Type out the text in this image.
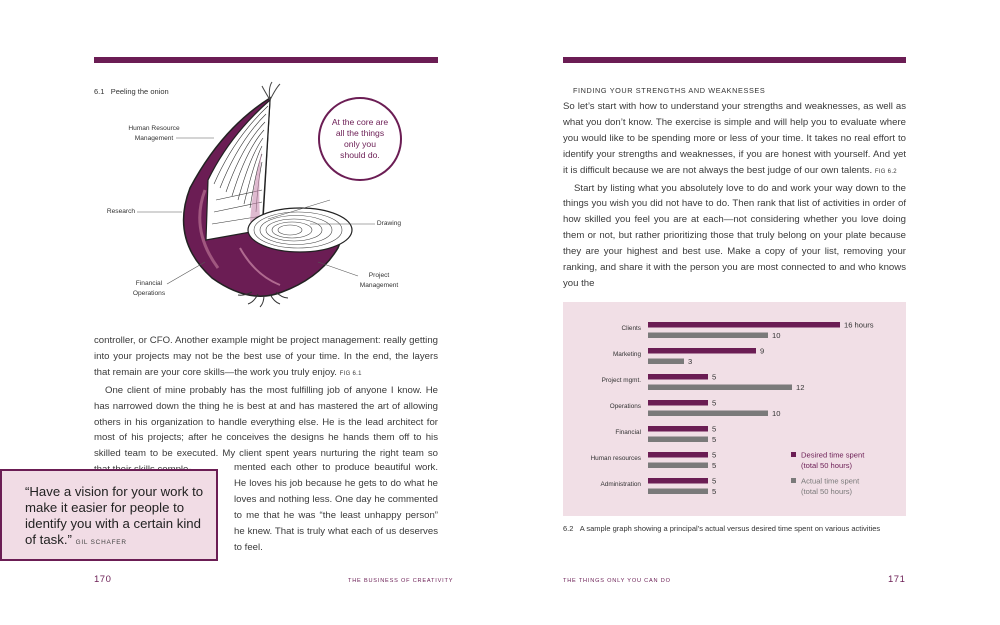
6.1 Peeling the onion
Human Resource
Management
Research
Drawing
Financial
Operations
Project
Management
At the core are all the things only you should do.

controller, or CFO. Another example might be project management: really getting into your projects may not be the best use of your time. In the end, the layers that remain are your core skills—the work you truly enjoy. FIG 6.1

One client of mine probably has the most fulfilling job of anyone I know. He has narrowed down the thing he is best at and has mastered the art of allowing others in his organization to handle everything else. He is the lead architect for most of his projects; after he conceives the designs he hands them off to his skilled team to be executed. My client spent years nurturing the right team so

mented each other to produce beautiful work. He loves his job because he gets to do what he loves and nothing less. One day he commented to me that he was “the least unhappy person” he knew. That is truly what each of us deserves to feel.

“Have a vision for your work to make it easier for people to identify you with a certain kind of task.” GIL SCHAFER
170	THE BUSINESS OF CREATIVITY
FINDING YOUR STRENGTHS AND WEAKNESSES

So let’s start with how to understand your strengths and weaknesses, as well as what you don’t know. The exercise is simple and will help you to evaluate where you would like to be spending more or less of your time. It takes no real effort to identify your strengths and weaknesses, if you are honest with yourself. And yet it is difficult because we are not always the best judge of our own talents. FIG 6.2

Start by listing what you absolutely love to do and work your way down to the things you wish you did not have to do. Then rank that list of activities in order of how skilled you feel you are at each—not considering whether you love doing them or not, but rather prioritizing those that truly belong on your plate because they are your highest and best use. Make a copy of your list, removing your ranking, and share it with the person you are most connected to and who knows you the

Clients	16 hours
10
Marketing	9
3
Project mgmt.	5
12
Operations	5
10
Financial	5
5
Human resources	5
5
Administration	5
5
Desired time spent
(total 50 hours)
Actual time spent
(total 50 hours)
6.2 A sample graph showing a principal’s actual versus desired time spent on various activities
THE THINGS ONLY YOU CAN DO	171
